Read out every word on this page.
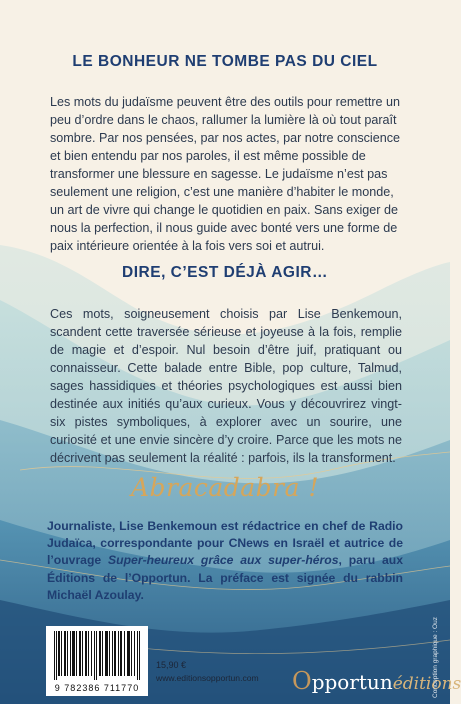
LE BONHEUR NE TOMBE PAS DU CIEL

Les mots du judaïsme peuvent être des outils pour remettre un peu d’ordre dans le chaos, rallumer la lumière là où tout paraît sombre. Par nos pensées, par nos actes, par notre conscience et bien entendu par nos paroles, il est même possible de transformer une blessure en sagesse. Le judaïsme n’est pas seulement une religion, c’est une manière d’habiter le monde, un art de vivre qui change le quotidien en paix. Sans exiger de nous la perfection, il nous guide avec bonté vers une forme de paix intérieure orientée à la fois vers soi et autrui.

DIRE, C’EST DÉJÀ AGIR…

Ces mots, soigneusement choisis par Lise Benkemoun, scandent cette traversée sérieuse et joyeuse à la fois, remplie de magie et d’espoir. Nul besoin d’être juif, pratiquant ou connaisseur. Cette balade entre Bible, pop culture, Talmud, sages hassidiques et théories psychologiques est aussi bien destinée aux initiés qu’aux curieux. Vous y découvrirez vingt-six pistes symboliques, à explorer avec un sourire, une curiosité et une envie sincère d’y croire. Parce que les mots ne décrivent pas seulement la réalité : parfois, ils la transforment.

Abracadabra !

Journaliste, Lise Benkemoun est rédactrice en chef de Radio Judaïca, correspondante pour CNews en Israël et autrice de l’ouvrage Super-heureux grâce aux super-héros, paru aux Éditions de l’Opportun. La préface est signée du rabbin Michaël Azoulay.

9 782386 711770
15,90 €
www.editionsopportun.com Opportunéditions
Conception graphique : Ouz
